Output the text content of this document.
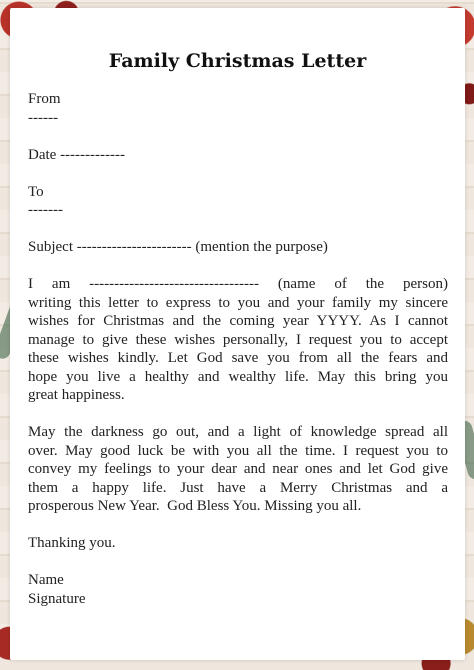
Family Christmas Letter
From
------
Date -------------
To
-------
Subject ----------------------- (mention the purpose)

I am ---------------------------------- (name of the person)
writing this letter to express to you and your family my sincere
wishes for Christmas and the coming year YYYY. As I cannot
manage to give these wishes personally, I request you to accept
these wishes kindly. Let God save you from all the fears and
hope you live a healthy and wealthy life. May this bring you
great happiness.

May the darkness go out, and a light of knowledge spread all
over. May good luck be with you all the time. I request you to
convey my feelings to your dear and near ones and let God give
them a happy life. Just have a Merry Christmas and a
prosperous New Year.  God Bless You. Missing you all.

Thanking you.
Name
Signature
